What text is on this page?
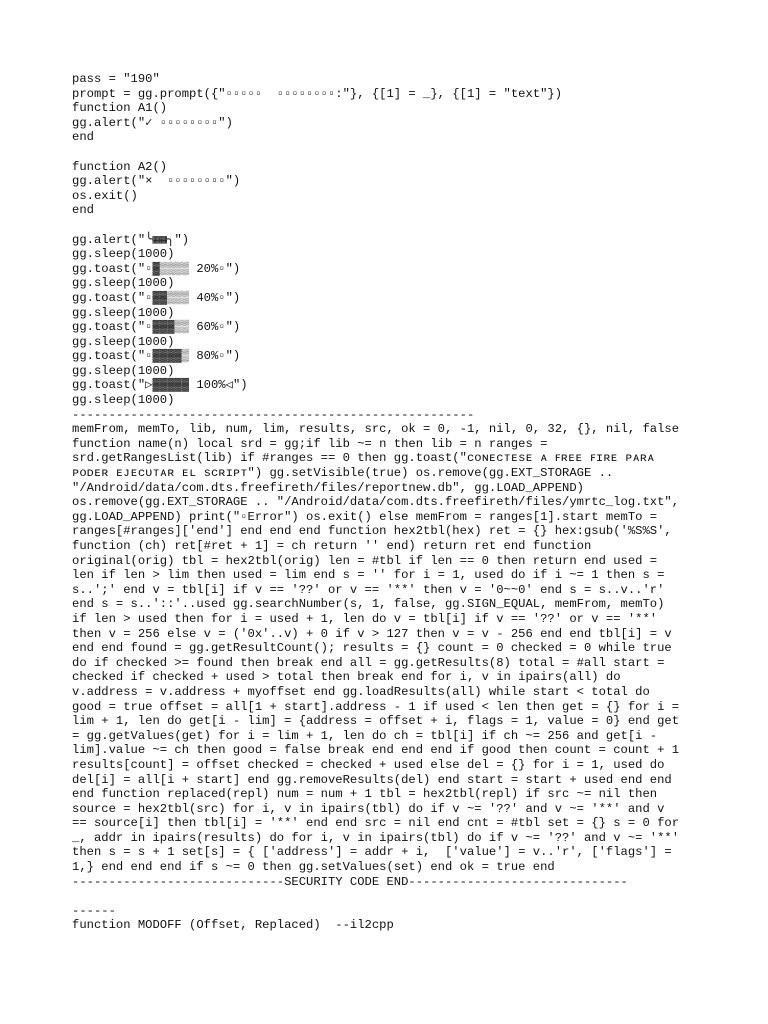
pass = "190"
prompt = gg.prompt({"▫▫▫▫▫  ▫▫▫▫▫▫▫▫:"}, {[1] = _}, {[1] = "text"})
function A1()
gg.alert("✓ ▫▫▫▫▫▫▫▫")
end
function A2()
gg.alert("×  ▫▫▫▫▫▫▫▫")
os.exit()
end
gg.alert("╰▦▦╮")
gg.sleep(1000)
gg.toast("▫▓▒▒▒▒ 20%▫")
gg.sleep(1000)
gg.toast("▫▓▓▒▒▒ 40%▫")
gg.sleep(1000)
gg.toast("▫▓▓▓▒▒ 60%▫")
gg.sleep(1000)
gg.toast("▫▓▓▓▓▒ 80%▫")
gg.sleep(1000)
gg.toast("▷▓▓▓▓▓ 100%◁")
gg.sleep(1000)
-------------------------------------------------------
memFrom, memTo, lib, num, lim, results, src, ok = 0, -1, nil, 0, 32, {}, nil, false
function name(n) local srd = gg;if lib ~= n then lib = n ranges =
srd.getRangesList(lib) if #ranges == 0 then gg.toast("ᴄᴏɴᴇᴄᴛᴇsᴇ ᴀ ꜰʀᴇᴇ ꜰɪʀᴇ ᴘᴀʀᴀ
ᴘᴏᴅᴇʀ ᴇᴊᴇᴄᴜᴛᴀʀ ᴇʟ sᴄʀɪᴘᴛ") gg.setVisible(true) os.remove(gg.EXT_STORAGE ..
"/Android/data/com.dts.freefireth/files/reportnew.db", gg.LOAD_APPEND)
os.remove(gg.EXT_STORAGE .. "/Android/data/com.dts.freefireth/files/ymrtc_log.txt",
gg.LOAD_APPEND) print("▫Error") os.exit() else memFrom = ranges[1].start memTo =
ranges[#ranges]['end'] end end end function hex2tbl(hex) ret = {} hex:gsub('%S%S',
function (ch) ret[#ret + 1] = ch return '' end) return ret end function
original(orig) tbl = hex2tbl(orig) len = #tbl if len == 0 then return end used =
len if len > lim then used = lim end s = '' for i = 1, used do if i ~= 1 then s =
s..';' end v = tbl[i] if v == '??' or v == '**' then v = '0~~0' end s = s..v..'r'
end s = s..'::'..used gg.searchNumber(s, 1, false, gg.SIGN_EQUAL, memFrom, memTo)
if len > used then for i = used + 1, len do v = tbl[i] if v == '??' or v == '**'
then v = 256 else v = ('0x'..v) + 0 if v > 127 then v = v - 256 end end tbl[i] = v
end end found = gg.getResultCount(); results = {} count = 0 checked = 0 while true
do if checked >= found then break end all = gg.getResults(8) total = #all start =
checked if checked + used > total then break end for i, v in ipairs(all) do
v.address = v.address + myoffset end gg.loadResults(all) while start < total do
good = true offset = all[1 + start].address - 1 if used < len then get = {} for i =
lim + 1, len do get[i - lim] = {address = offset + i, flags = 1, value = 0} end get
= gg.getValues(get) for i = lim + 1, len do ch = tbl[i] if ch ~= 256 and get[i -
lim].value ~= ch then good = false break end end end if good then count = count + 1
results[count] = offset checked = checked + used else del = {} for i = 1, used do
del[i] = all[i + start] end gg.removeResults(del) end start = start + used end end
end function replaced(repl) num = num + 1 tbl = hex2tbl(repl) if src ~= nil then
source = hex2tbl(src) for i, v in ipairs(tbl) do if v ~= '??' and v ~= '**' and v
== source[i] then tbl[i] = '**' end end src = nil end cnt = #tbl set = {} s = 0 for
_, addr in ipairs(results) do for i, v in ipairs(tbl) do if v ~= '??' and v ~= '**'
then s = s + 1 set[s] = { ['address'] = addr + i,  ['value'] = v..'r', ['flags'] =
1,} end end end if s ~= 0 then gg.setValues(set) end ok = true end
-----------------------------SECURITY CODE END------------------------------
------
function MODOFF (Offset, Replaced)  --il2cpp
